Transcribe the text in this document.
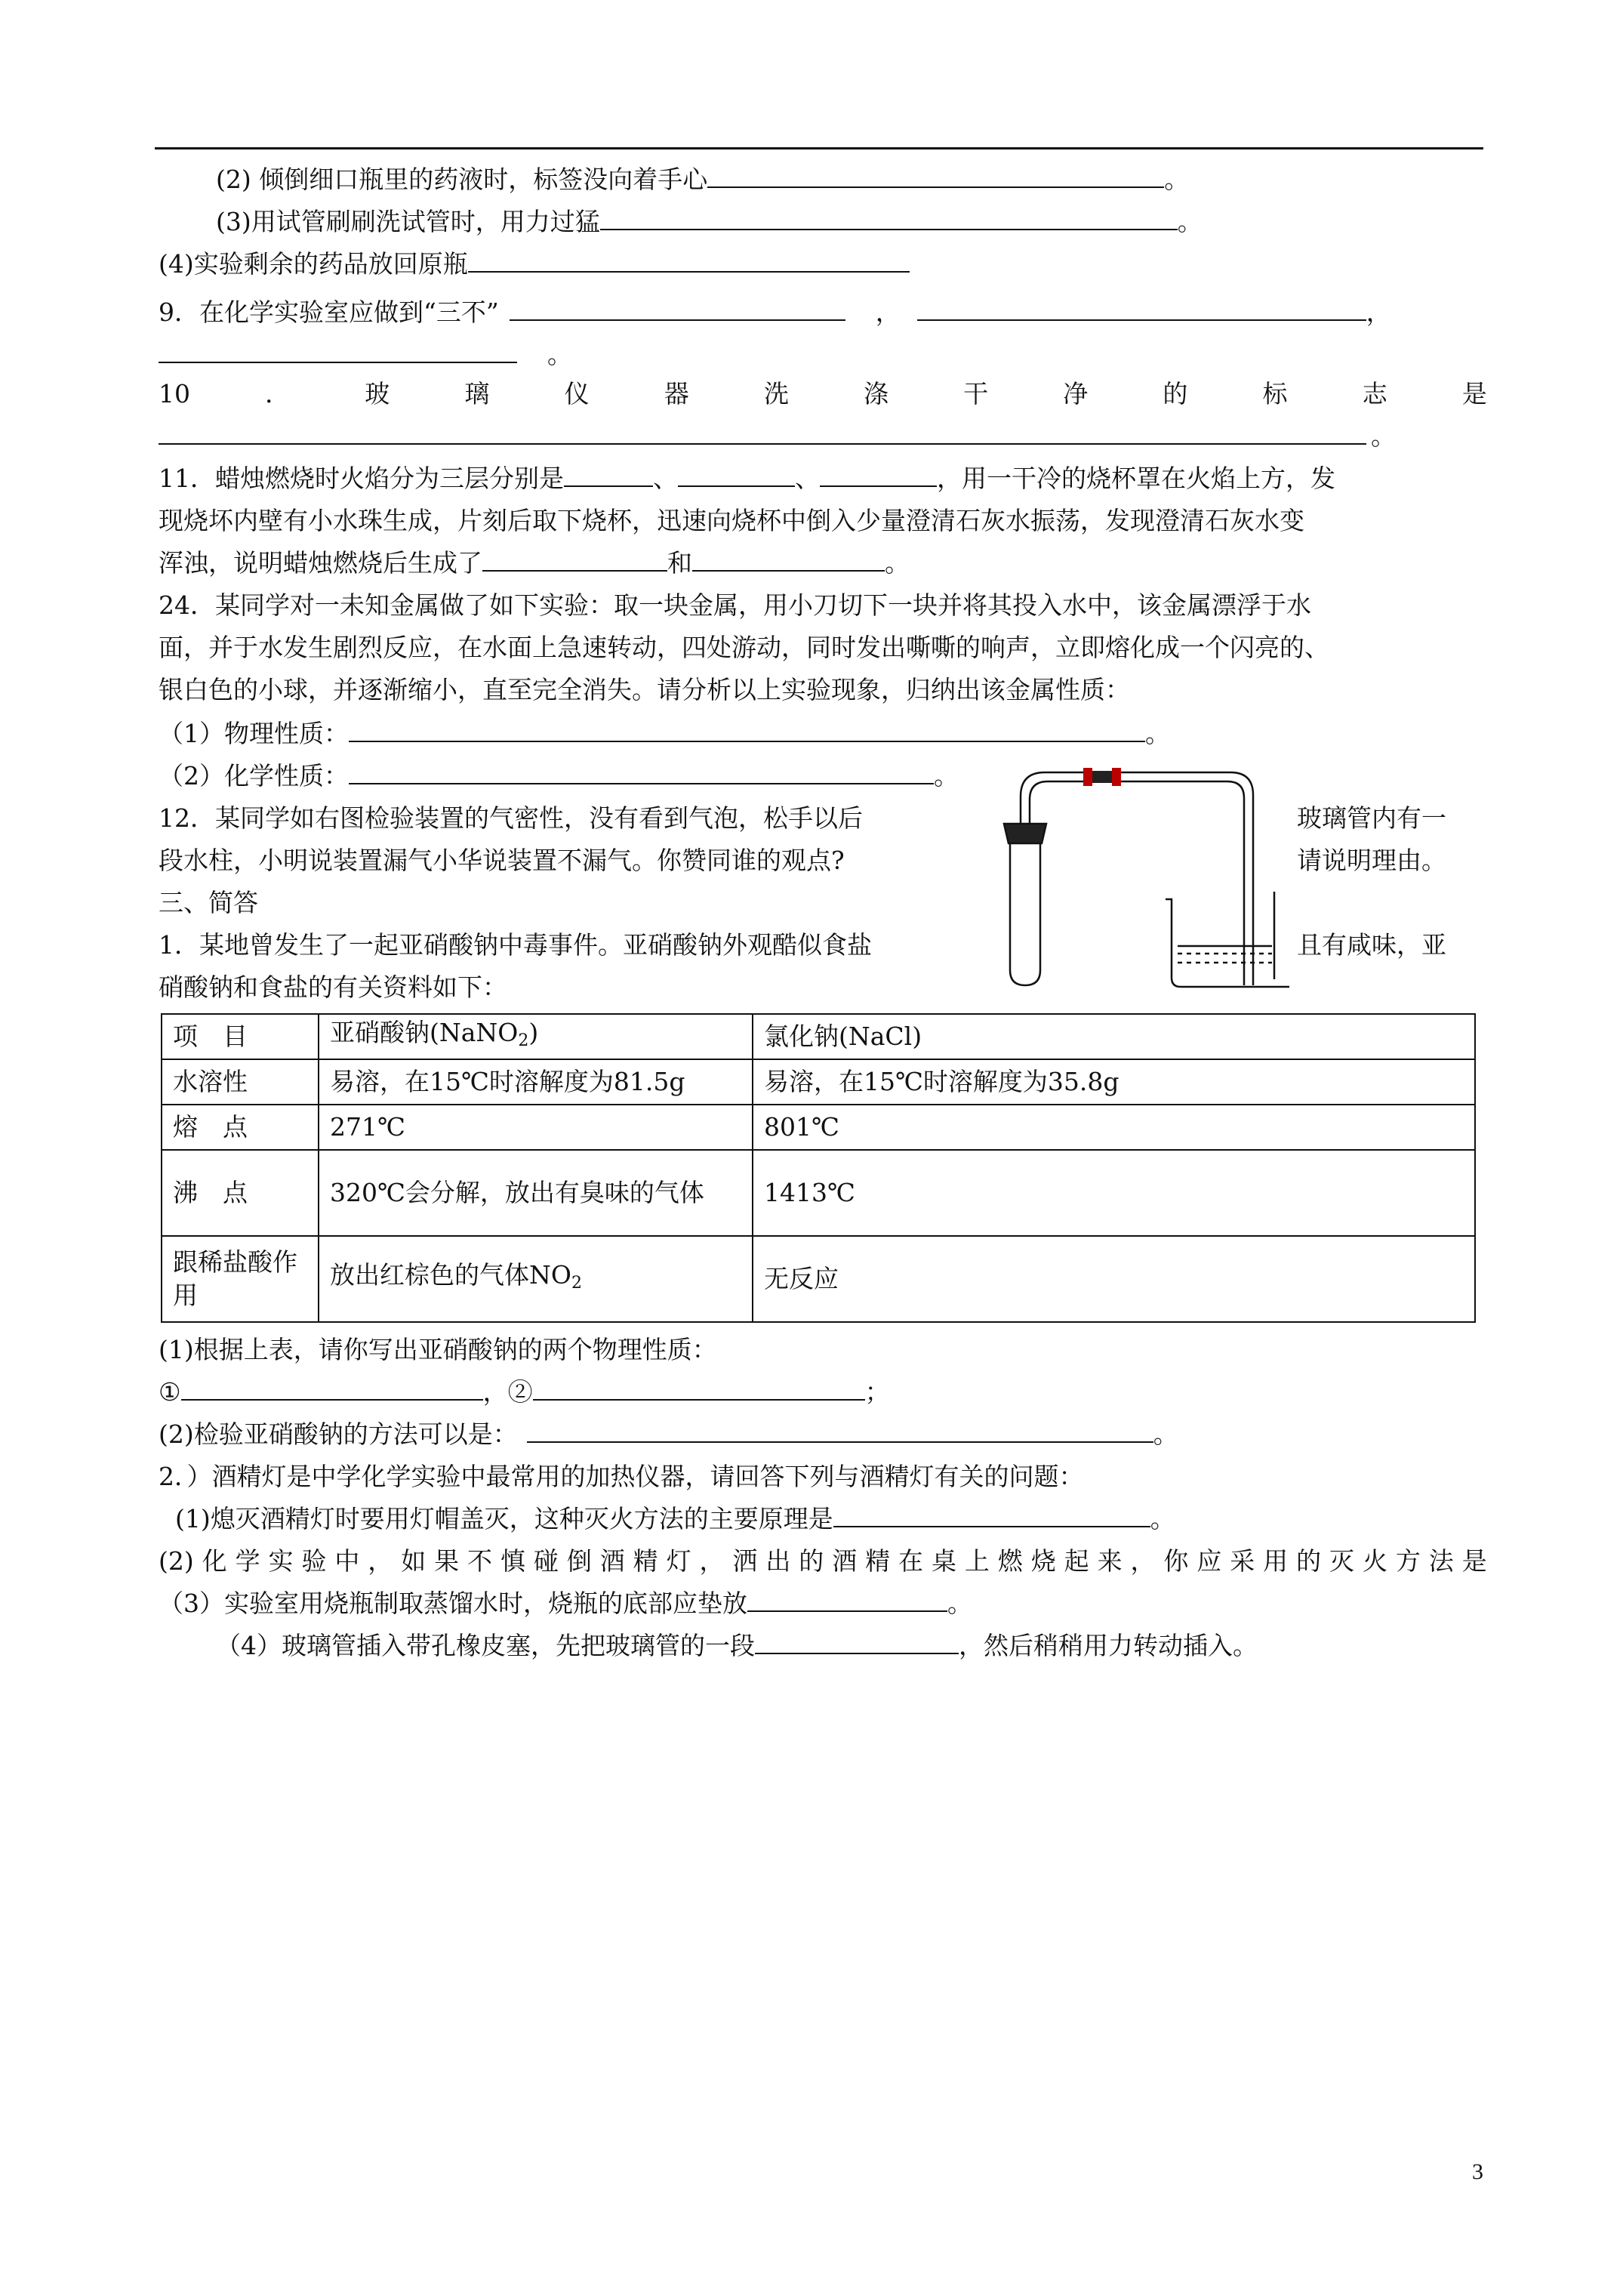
(2) 倾倒细口瓶里的药液时，标签没向着手心	。
(3)用试管刷刷洗试管时，用力过猛	。
(4)实验剩余的药品放回原瓶
9．在化学实验室应做到“三不”	，	，
。
10	．	玻	璃	仪	器	洗	涤	干	净	的	标	志	是
。
11．蜡烛燃烧时火焰分为三层分别是	、	、	，用一干冷的烧杯罩在火焰上方，发
现烧坏内壁有小水珠生成，片刻后取下烧杯，迅速向烧杯中倒入少量澄清石灰水振荡，发现澄清石灰水变
浑浊，说明蜡烛燃烧后生成了	和	。
24．某同学对一未知金属做了如下实验：取一块金属，用小刀切下一块并将其投入水中，该金属漂浮于水
面，并于水发生剧烈反应，在水面上急速转动，四处游动，同时发出嘶嘶的响声，立即熔化成一个闪亮的、
银白色的小球，并逐渐缩小，直至完全消失。请分析以上实验现象，归纳出该金属性质：
（1）物理性质：	。
（2）化学性质：	。
12．某同学如右图检验装置的气密性，没有看到气泡，松手以后	玻璃管内有一
段水柱，小明说装置漏气小华说装置不漏气。你赞同谁的观点?	请说明理由。
三、简答
1．某地曾发生了一起亚硝酸钠中毒事件。亚硝酸钠外观酷似食盐	且有咸味，亚
硝酸钠和食盐的有关资料如下：
项　目	亚硝酸钠(NaNO$_2$)	氯化钠(NaCl)
水溶性	易溶，在15℃时溶解度为81.5g	易溶，在15℃时溶解度为35.8g
熔　点	271℃	801℃
沸　点	320℃会分解，放出有臭味的气体	1413℃
跟稀盐酸作用	放出红棕色的气体$NO_2$	无反应
(1)根据上表，请你写出亚硝酸钠的两个物理性质：
①	，②	；
(2)检验亚硝酸钠的方法可以是：	。
2．）酒精灯是中学化学实验中最常用的加热仪器，请回答下列与酒精灯有关的问题：
(1)熄灭酒精灯时要用灯帽盖灭，这种灭火方法的主要原理是	。
(2) 化 学 实 验 中 ， 如 果 不 慎 碰 倒 酒 精 灯 ， 洒 出 的 酒 精 在 桌 上 燃 烧 起 来 ， 你 应 采 用 的 灭 火 方 法 是
（3）实验室用烧瓶制取蒸馏水时，烧瓶的底部应垫放	。
（4）玻璃管插入带孔橡皮塞，先把玻璃管的一段	，然后稍稍用力转动插入。
3
